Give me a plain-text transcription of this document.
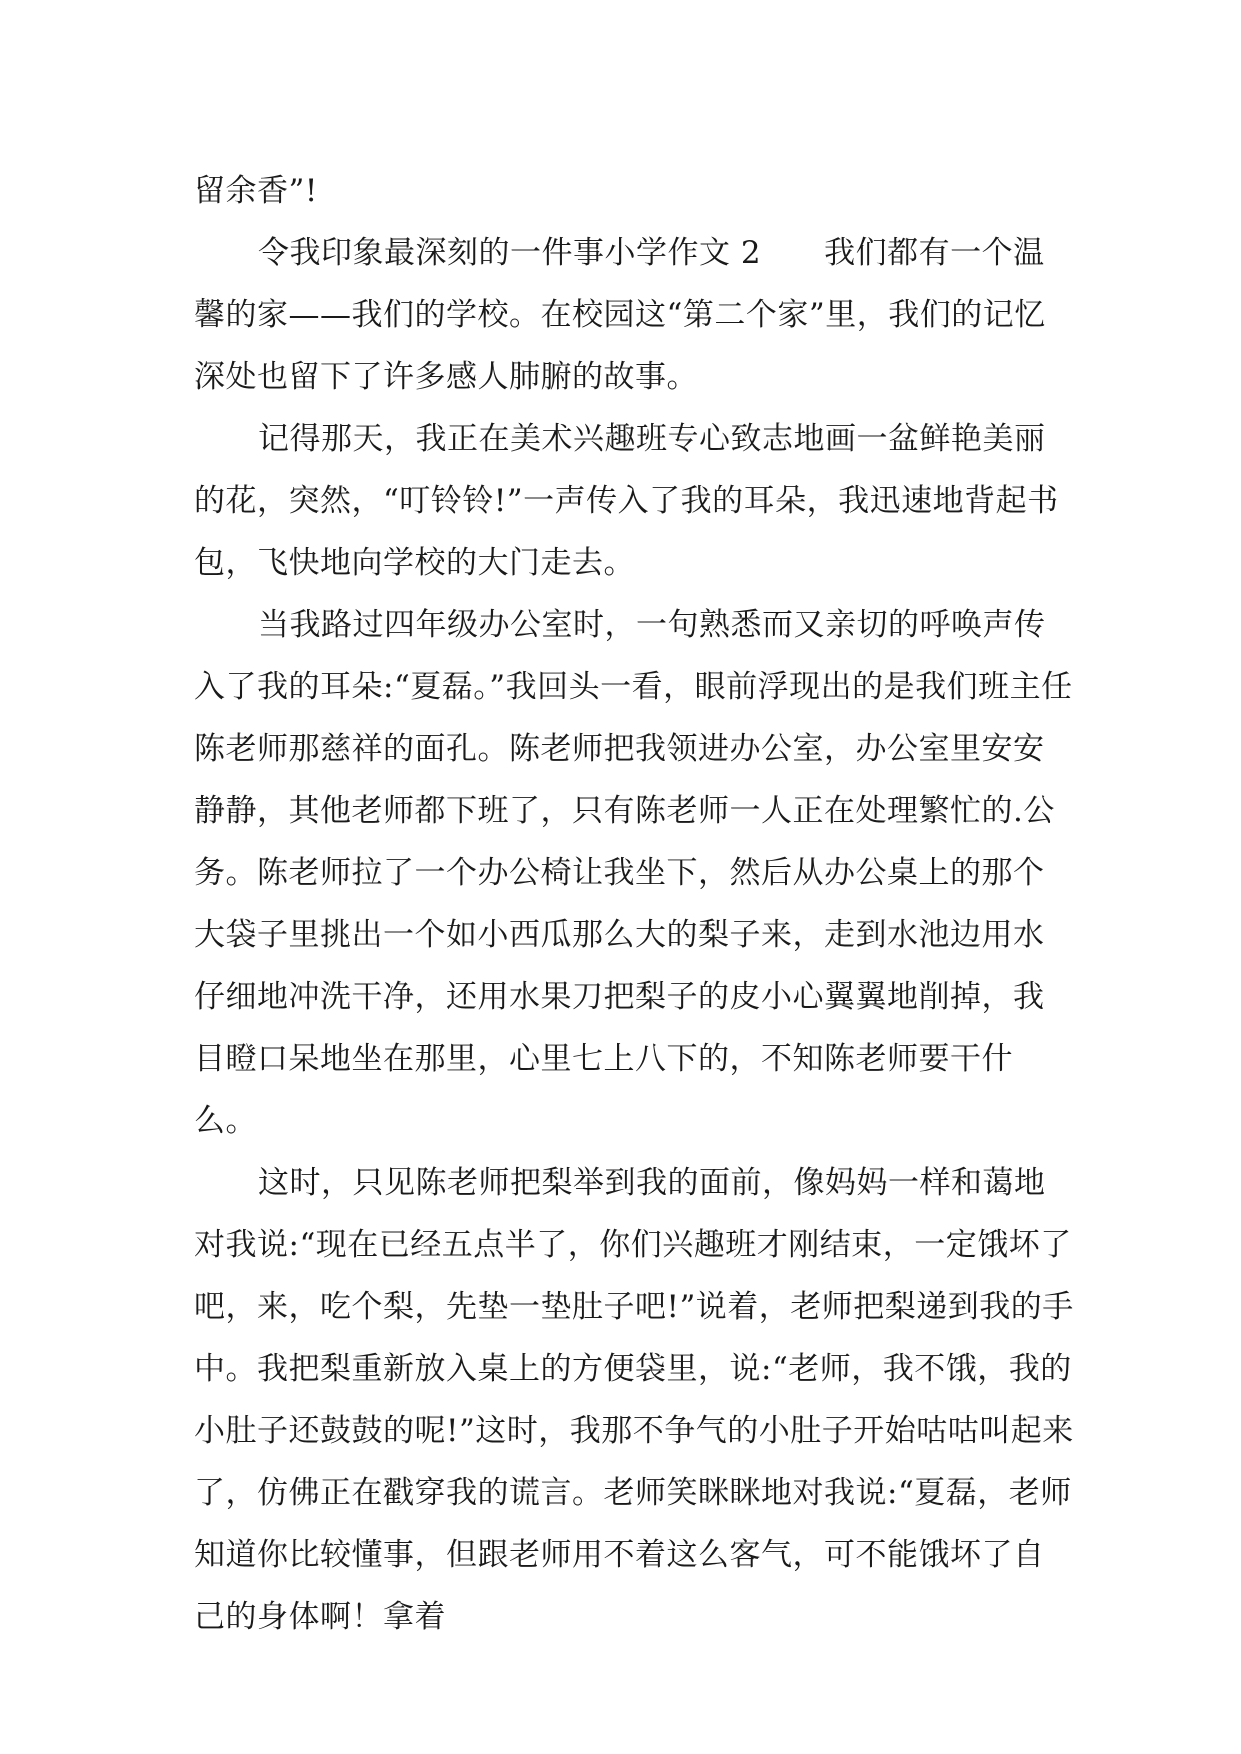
留余香”!

令我印象最深刻的一件事小学作文 2　　我们都有一个温馨的家——我们的学校。在校园这“第二个家”里，我们的记忆深处也留下了许多感人肺腑的故事。

记得那天，我正在美术兴趣班专心致志地画一盆鲜艳美丽的花，突然，“叮铃铃!”一声传入了我的耳朵，我迅速地背起书包，飞快地向学校的大门走去。

当我路过四年级办公室时，一句熟悉而又亲切的呼唤声传入了我的耳朵:“夏磊。”我回头一看，眼前浮现出的是我们班主任陈老师那慈祥的面孔。陈老师把我领进办公室，办公室里安安静静，其他老师都下班了，只有陈老师一人正在处理繁忙的.公务。陈老师拉了一个办公椅让我坐下，然后从办公桌上的那个大袋子里挑出一个如小西瓜那么大的梨子来，走到水池边用水仔细地冲洗干净，还用水果刀把梨子的皮小心翼翼地削掉，我目瞪口呆地坐在那里，心里七上八下的，不知陈老师要干什么。

这时，只见陈老师把梨举到我的面前，像妈妈一样和蔼地对我说:“现在已经五点半了，你们兴趣班才刚结束，一定饿坏了吧，来，吃个梨，先垫一垫肚子吧!”说着，老师把梨递到我的手中。我把梨重新放入桌上的方便袋里，说:“老师，我不饿，我的小肚子还鼓鼓的呢!”这时，我那不争气的小肚子开始咕咕叫起来了，仿佛正在戳穿我的谎言。老师笑眯眯地对我说:“夏磊，老师知道你比较懂事，但跟老师用不着这么客气，可不能饿坏了自己的身体啊！拿着
